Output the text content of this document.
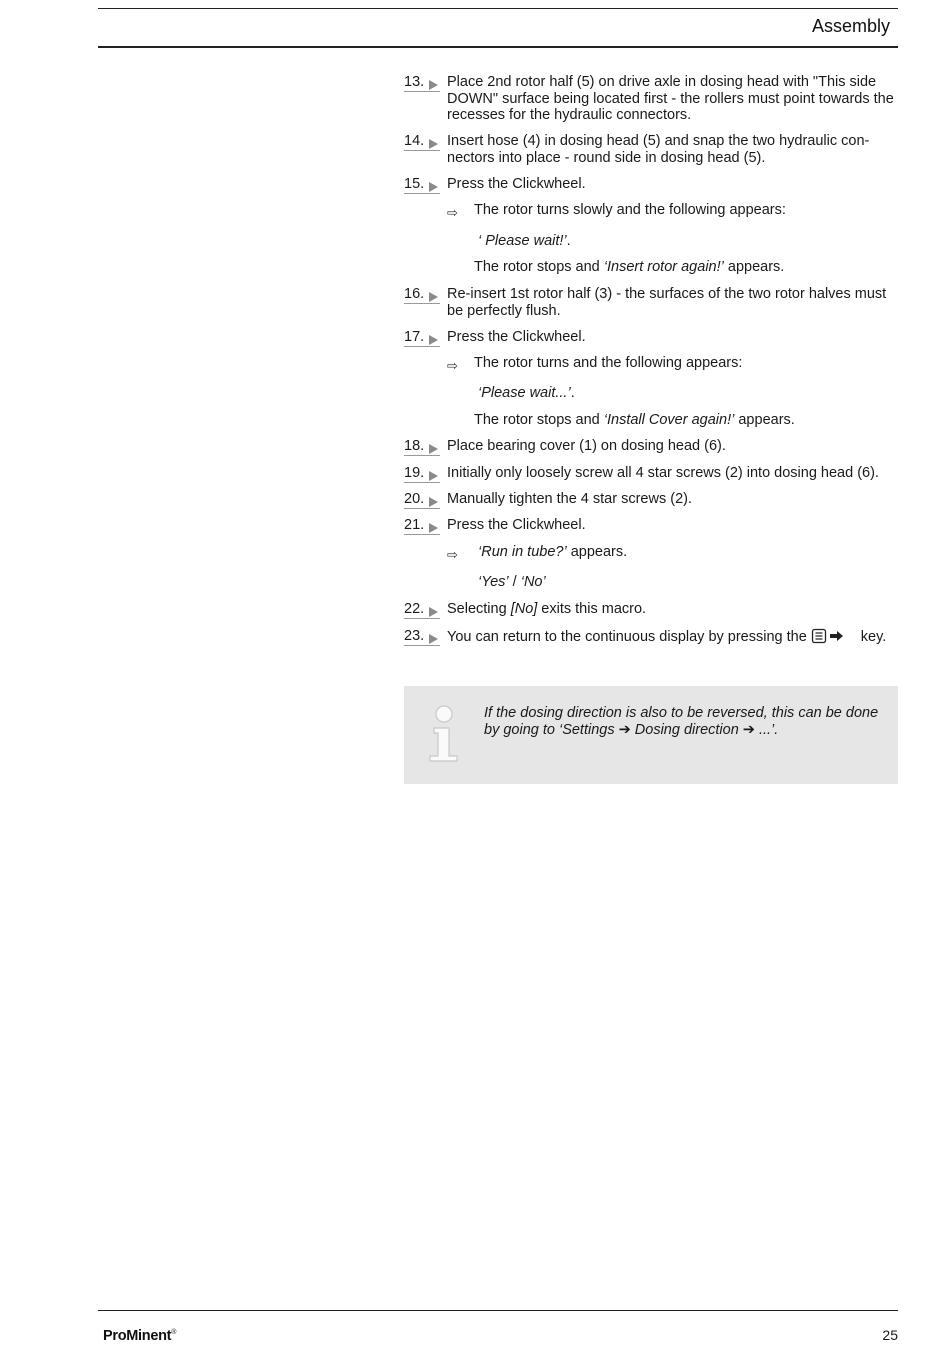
Assembly
13.	Place 2nd rotor half (5) on drive axle in dosing head with "This side DOWN" surface being located first - the rollers must point towards the recesses for the hydraulic connectors.
14.	Insert hose (4) in dosing head (5) and snap the two hydraulic con- nectors into place - round side in dosing head (5).
15.	Press the Clickwheel.
⇨ The rotor turns slowly and the following appears:
‘ Please wait!’.
The rotor stops and ‘Insert rotor again!’ appears.
16.	Re-insert 1st rotor half (3) - the surfaces of the two rotor halves must be perfectly flush.
17.	Press the Clickwheel.
⇨ The rotor turns and the following appears:
‘Please wait...’.
The rotor stops and ‘Install Cover again!’ appears.
18.	Place bearing cover (1) on dosing head (6).
19.	Initially only loosely screw all 4 star screws (2) into dosing head (6).
20.	Manually tighten the 4 star screws (2).
21.	Press the Clickwheel.
⇨ ‘Run in tube?’ appears.
‘Yes’ / ‘No’
22.	Selecting [No] exits this macro.
23.	You can return to the continuous display by pressing the	key.
If the dosing direction is also to be reversed, this can be done by going to ‘Settings ➔ Dosing direction ➔ ...’.
ProMinent®	25
